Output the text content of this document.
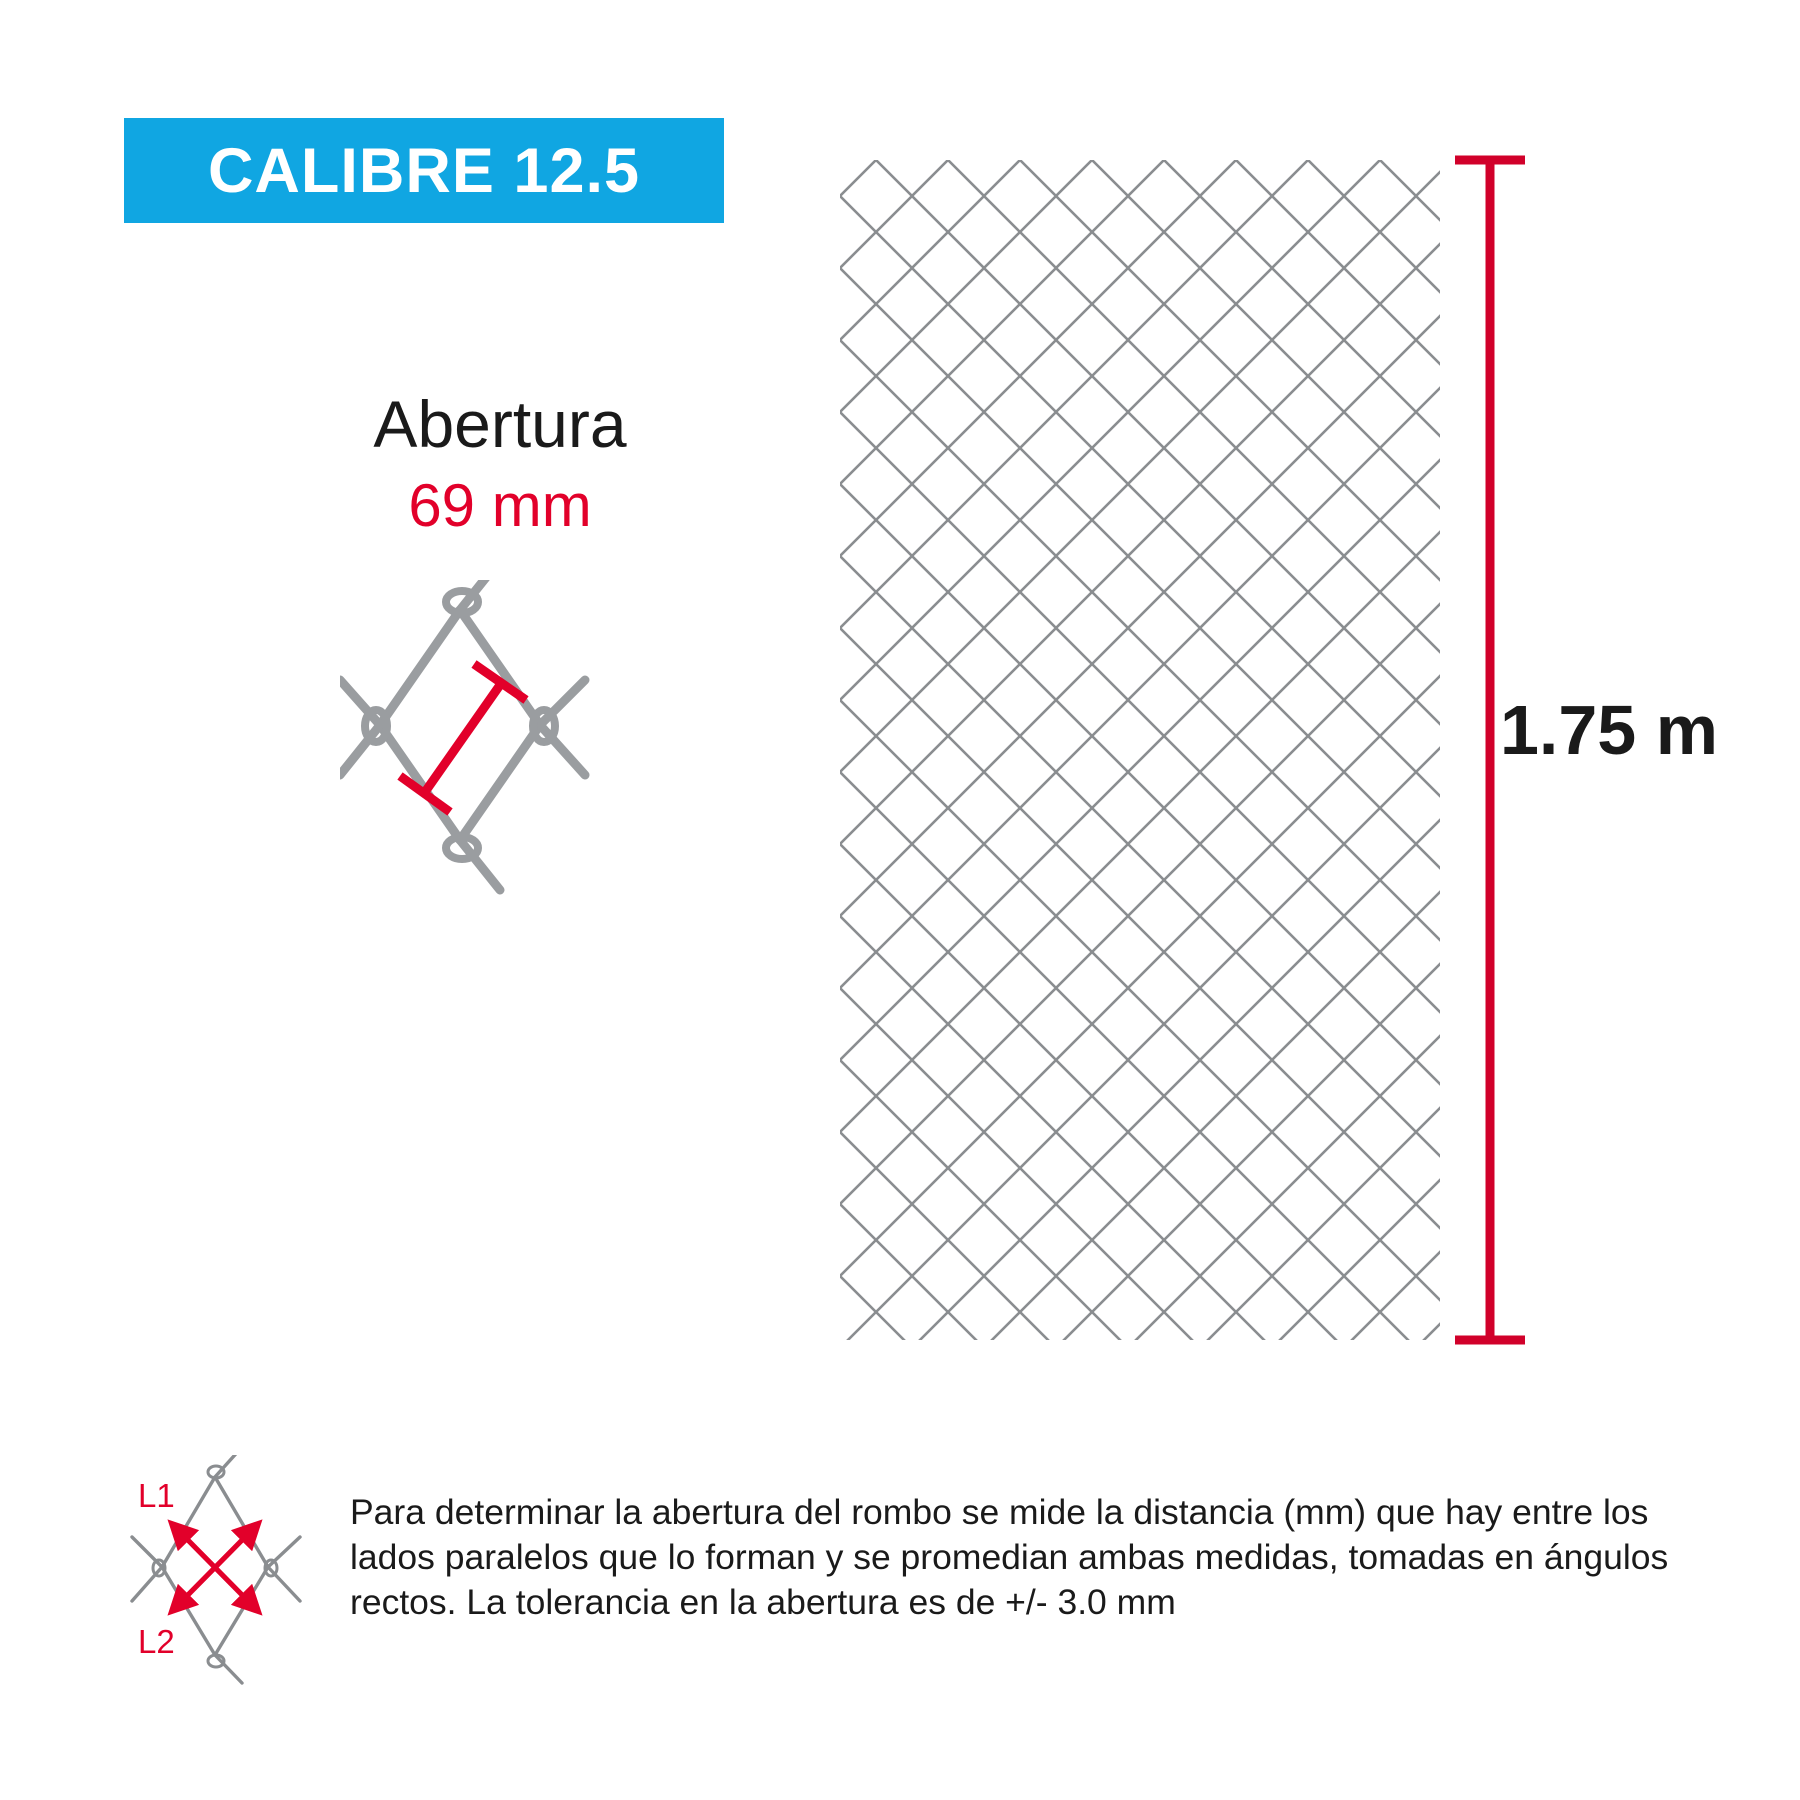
CALIBRE 12.5
Abertura
69 mm
1.75 m
L1
L2
Para determinar la abertura del rombo se mide la distancia (mm) que hay entre los lados paralelos que lo forman y se promedian ambas medidas, tomadas en ángulos rectos. La tolerancia en la abertura es de +/- 3.0 mm
